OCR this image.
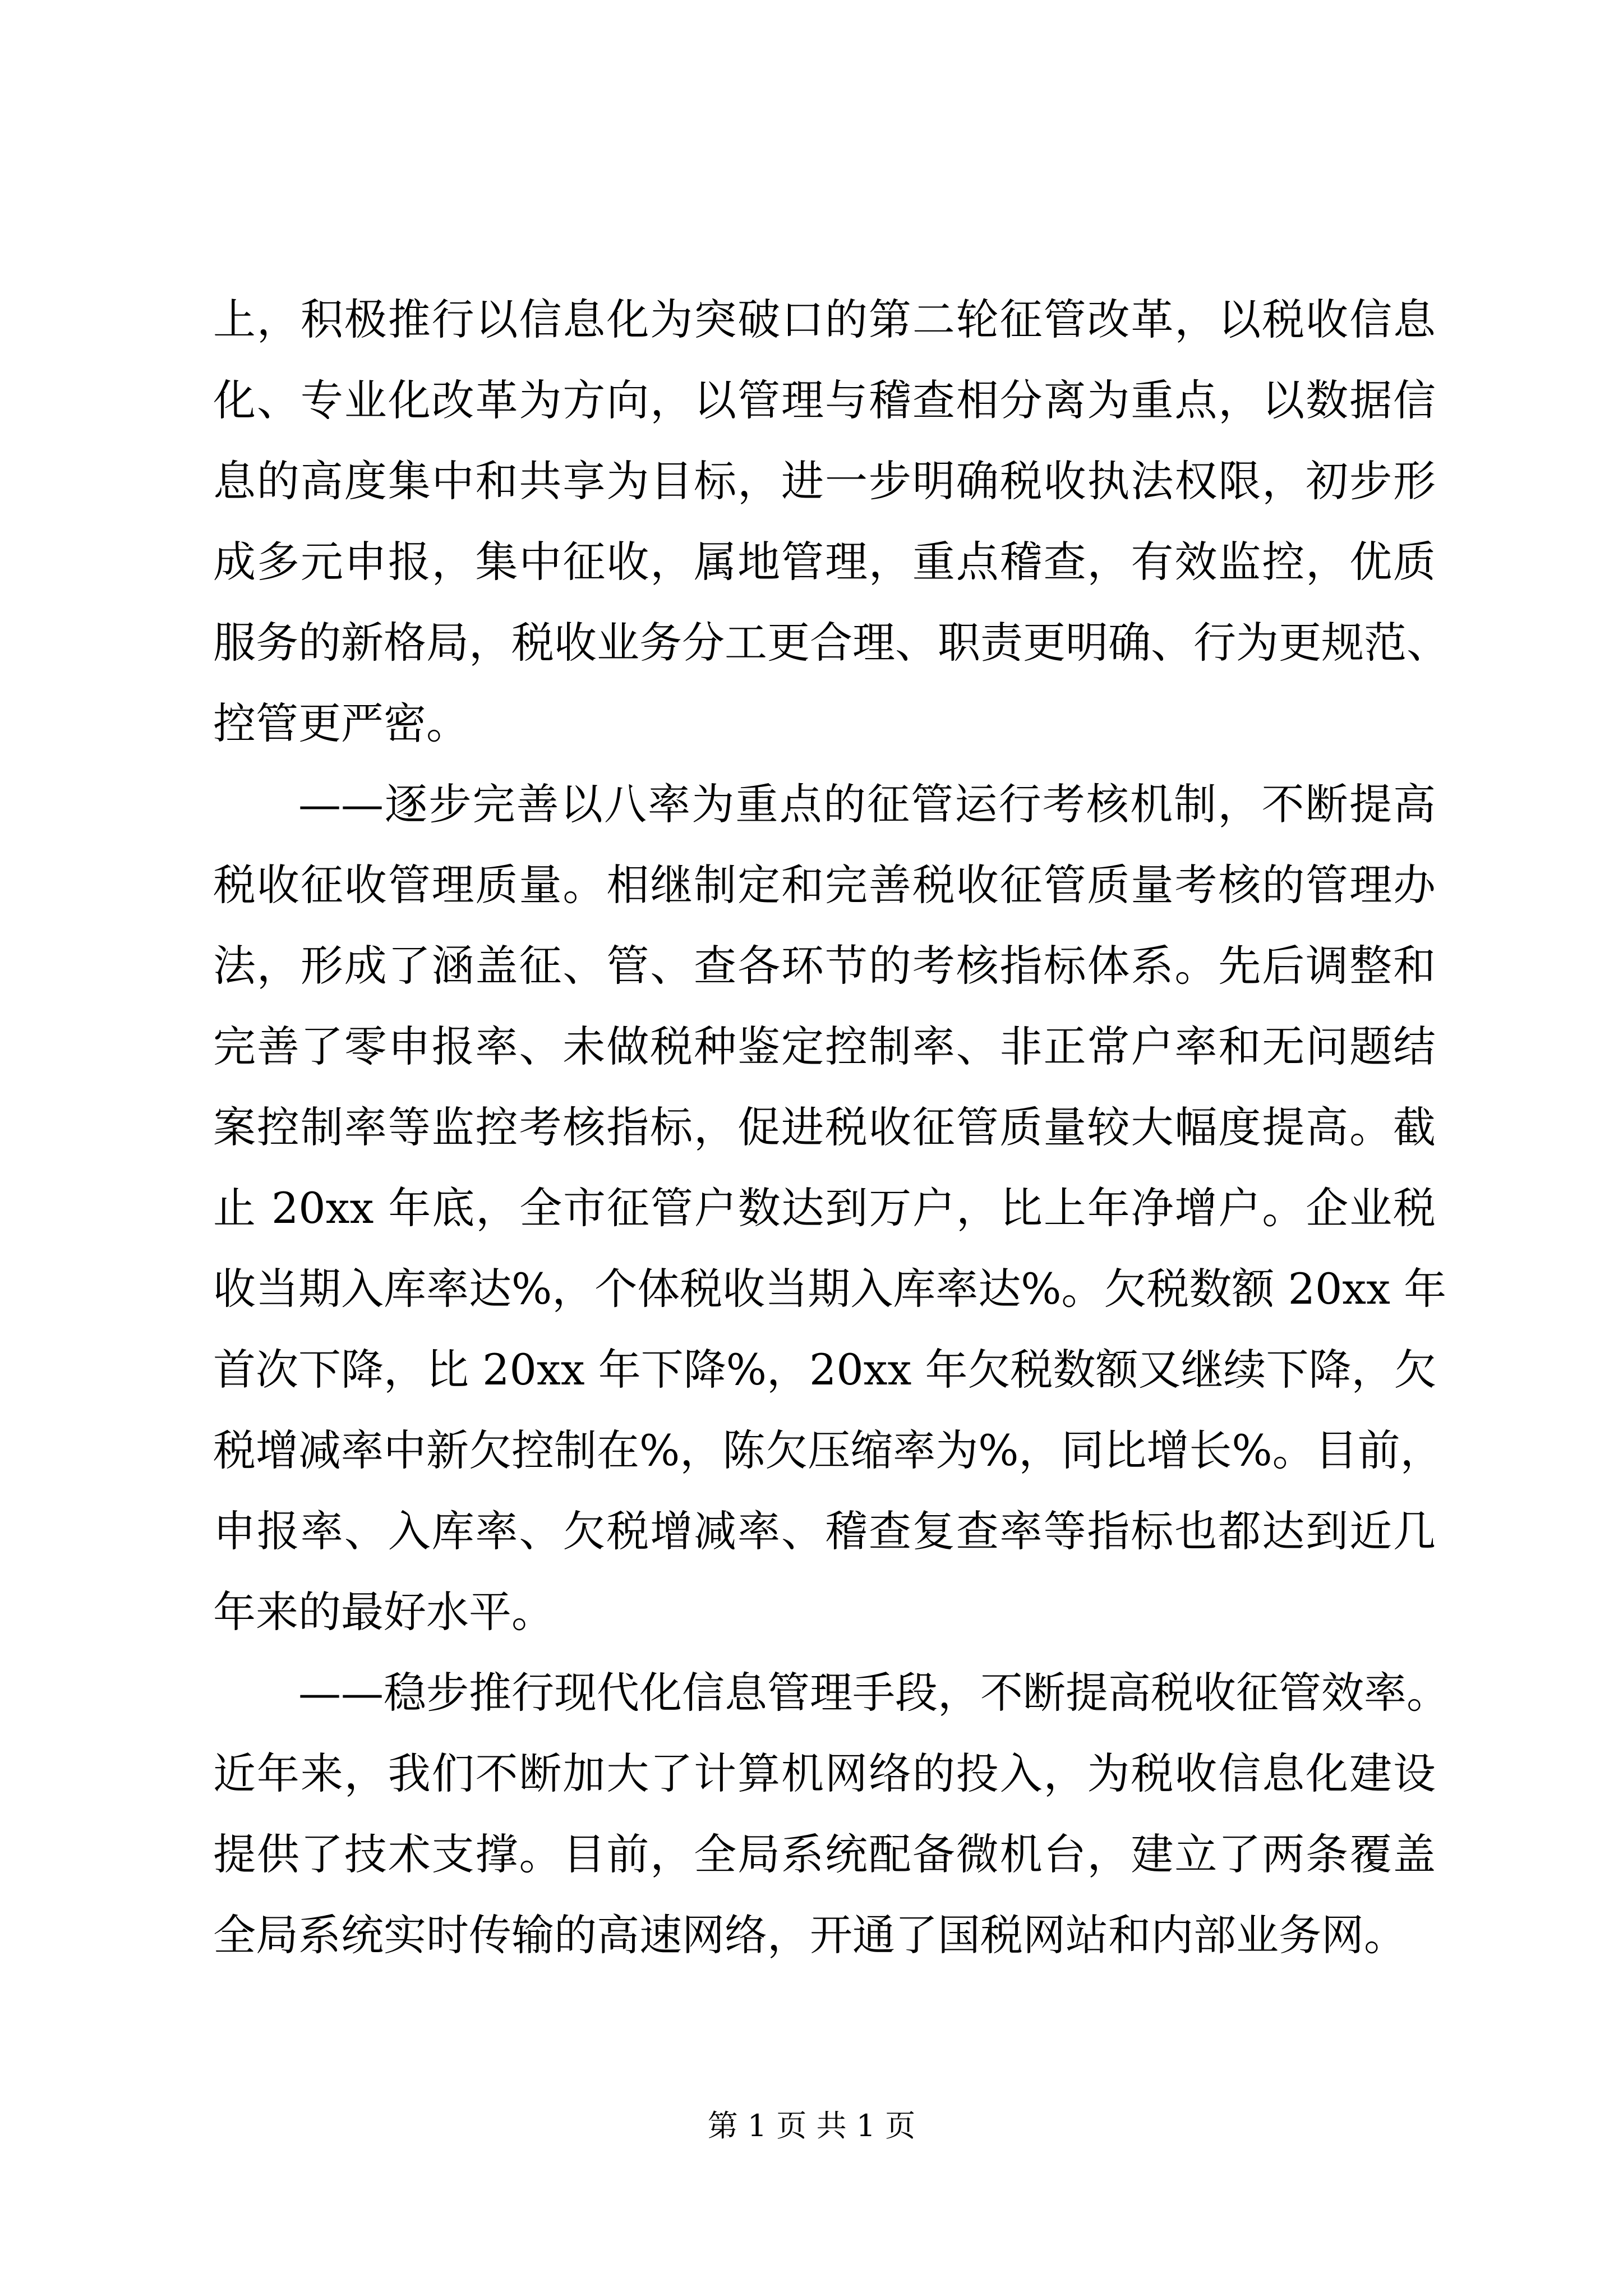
上，积极推行以信息化为突破口的第二轮征管改革，以税收信息
化、专业化改革为方向，以管理与稽查相分离为重点，以数据信
息的高度集中和共享为目标，进一步明确税收执法权限，初步形
成多元申报，集中征收，属地管理，重点稽查，有效监控，优质
服务的新格局，税收业务分工更合理、职责更明确、行为更规范、
控管更严密。
——逐步完善以八率为重点的征管运行考核机制，不断提高
税收征收管理质量。相继制定和完善税收征管质量考核的管理办
法，形成了涵盖征、管、查各环节的考核指标体系。先后调整和
完善了零申报率、未做税种鉴定控制率、非正常户率和无问题结
案控制率等监控考核指标，促进税收征管质量较大幅度提高。截
止 20xx 年底，全市征管户数达到万户，比上年净增户。企业税
收当期入库率达%，个体税收当期入库率达%。欠税数额 20xx 年
首次下降，比 20xx 年下降%，20xx 年欠税数额又继续下降，欠
税增减率中新欠控制在%，陈欠压缩率为%，同比增长%。目前，
申报率、入库率、欠税增减率、稽查复查率等指标也都达到近几
年来的最好水平。
——稳步推行现代化信息管理手段，不断提高税收征管效率。
近年来，我们不断加大了计算机网络的投入，为税收信息化建设
提供了技术支撑。目前，全局系统配备微机台，建立了两条覆盖
全局系统实时传输的高速网络，开通了国税网站和内部业务网。
第 1 页 共 1 页
